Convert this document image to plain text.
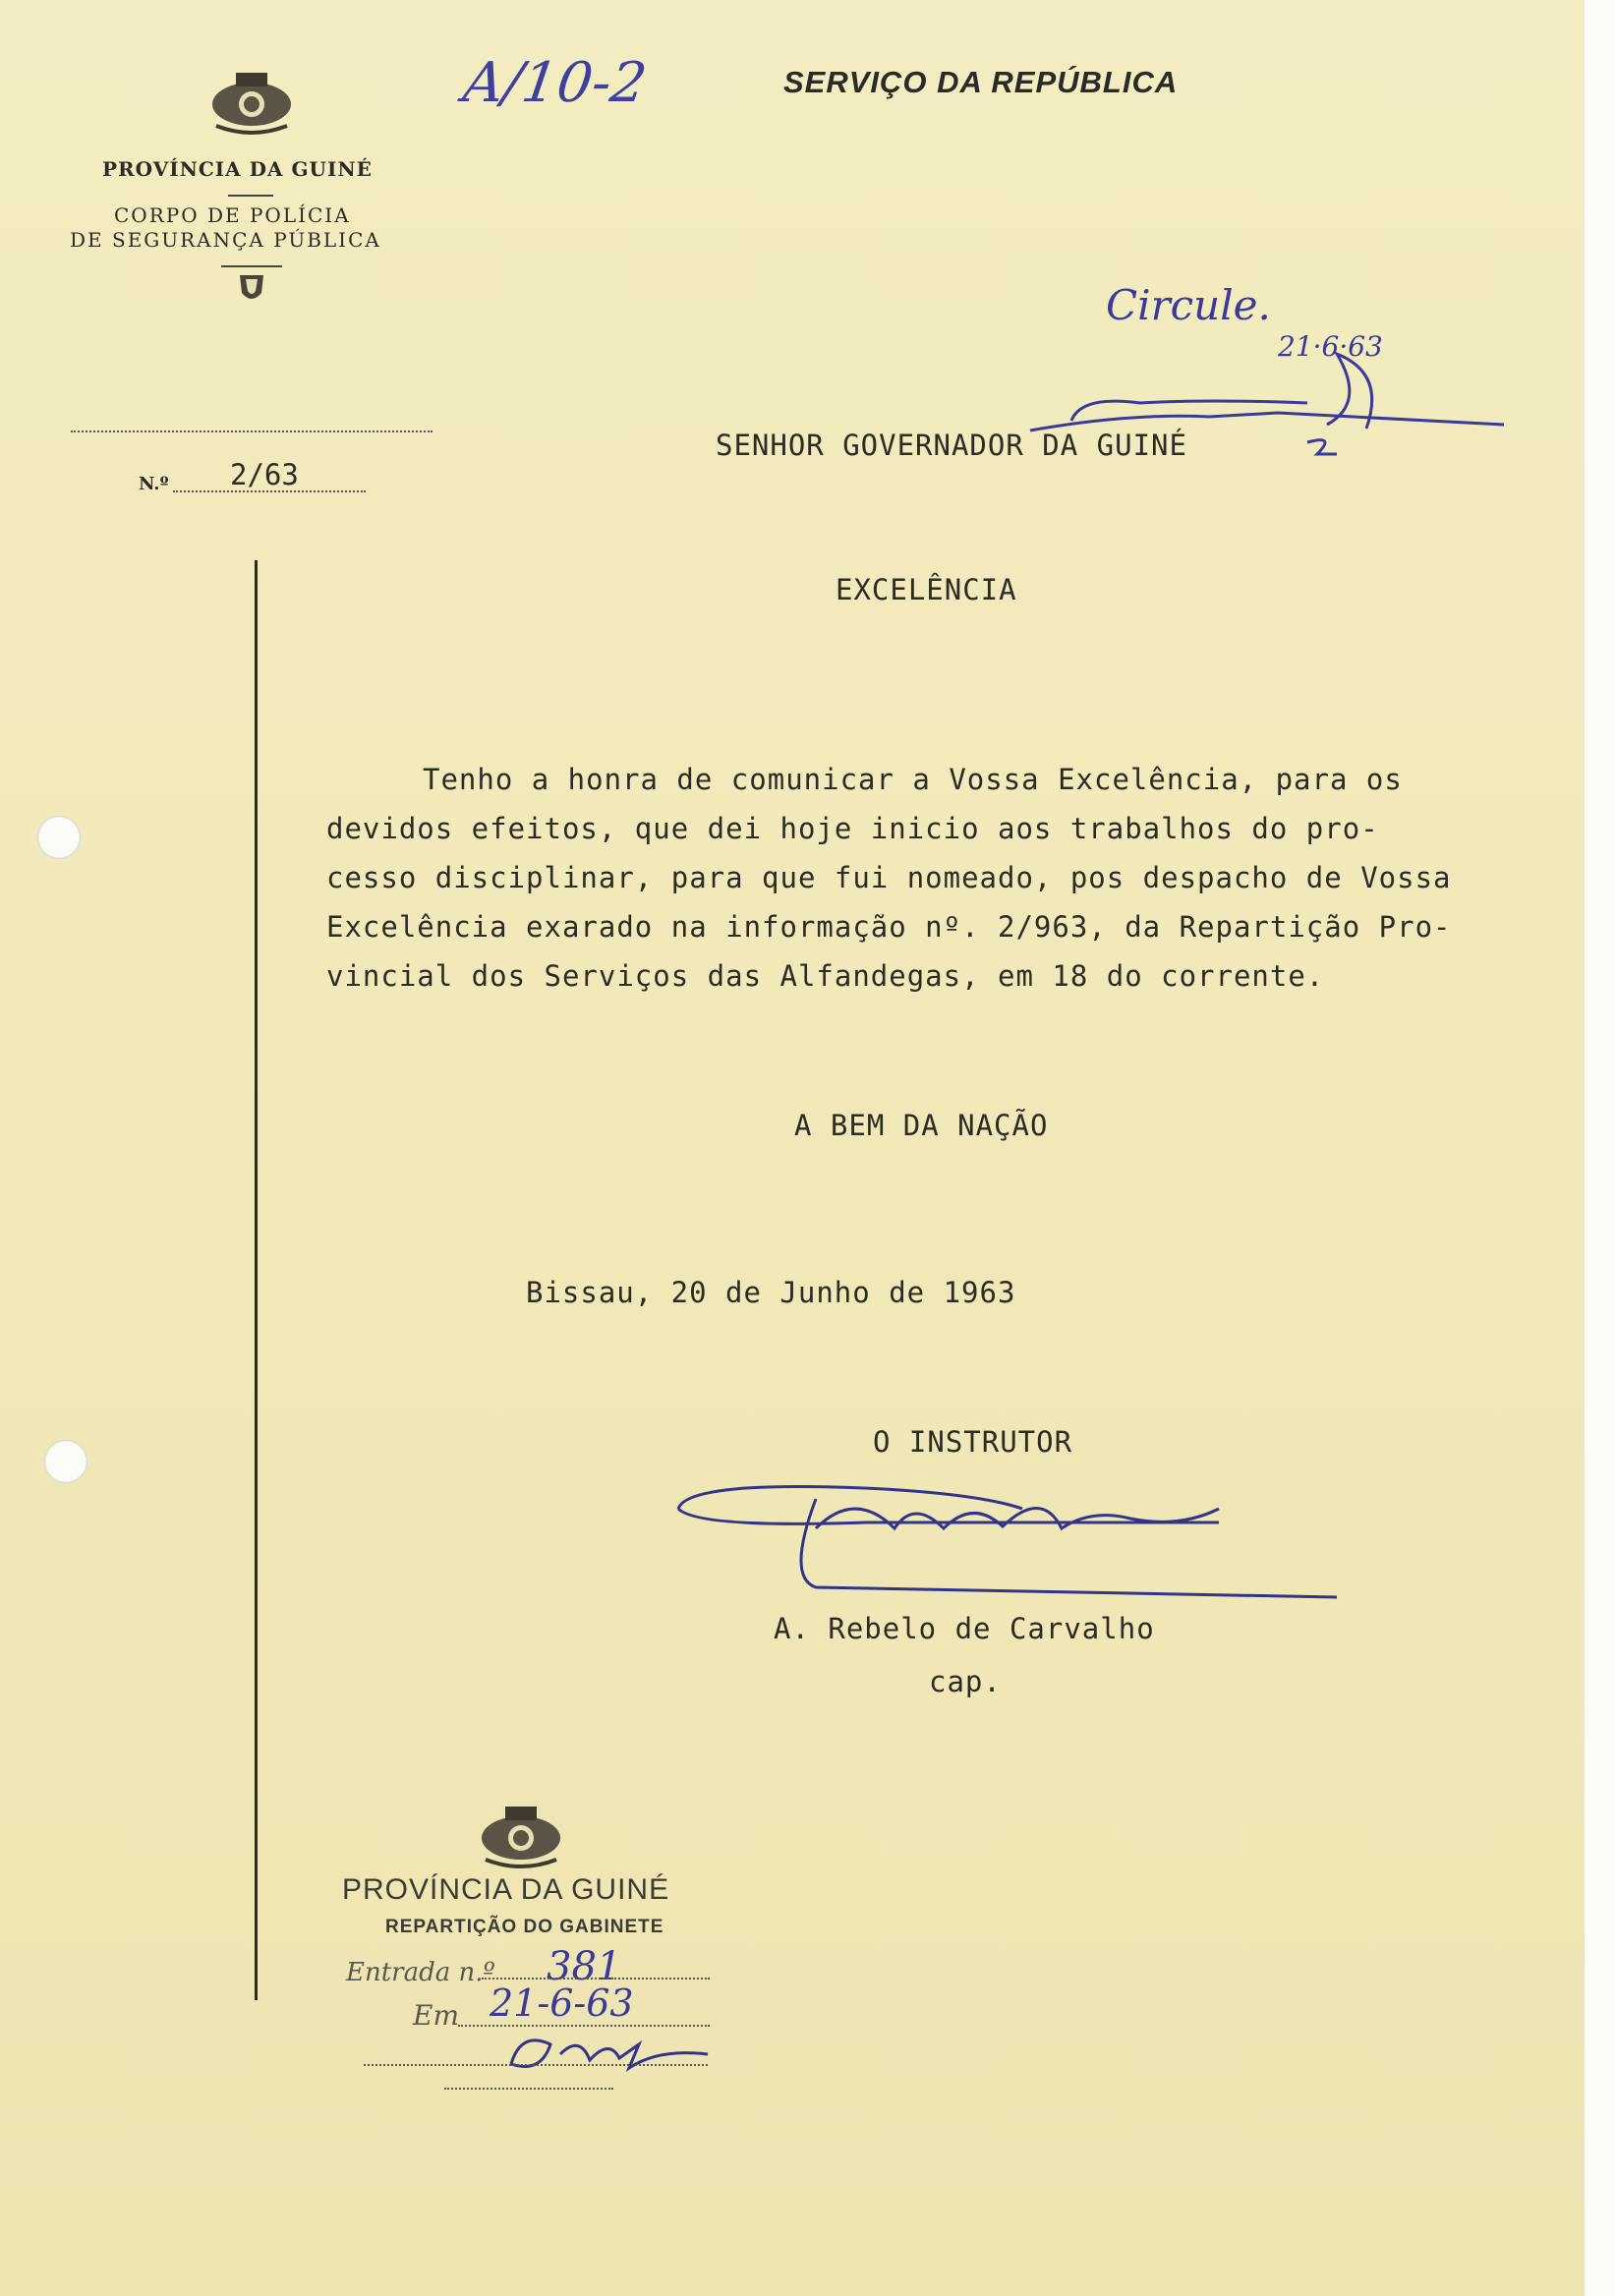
PROVÍNCIA DA GUINÉ
CORPO DE POLÍCIA
DE SEGURANÇA PÚBLICA
N.º 2/63
A/10-2	SERVIÇO DA REPÚBLICA
Circule.
21·6·63
SENHOR GOVERNADOR DA GUINÉ
EXCELÊNCIA
Tenho a honra de comunicar a Vossa Excelência, para os
devidos efeitos, que dei hoje inicio aos trabalhos do pro-
cesso disciplinar, para que fui nomeado, pos despacho de Vossa
Excelência exarado na informação nº. 2/963, da Repartição Pro-
vincial dos Serviços das Alfandegas, em 18 do corrente.
A BEM DA NAÇÃO
Bissau, 20 de Junho de 1963
O INSTRUTOR
A. Rebelo de Carvalho
cap.
PROVÍNCIA DA GUINÉ
REPARTIÇÃO DO GABINETE
Entrada n.º 381
Em 21-6-63
